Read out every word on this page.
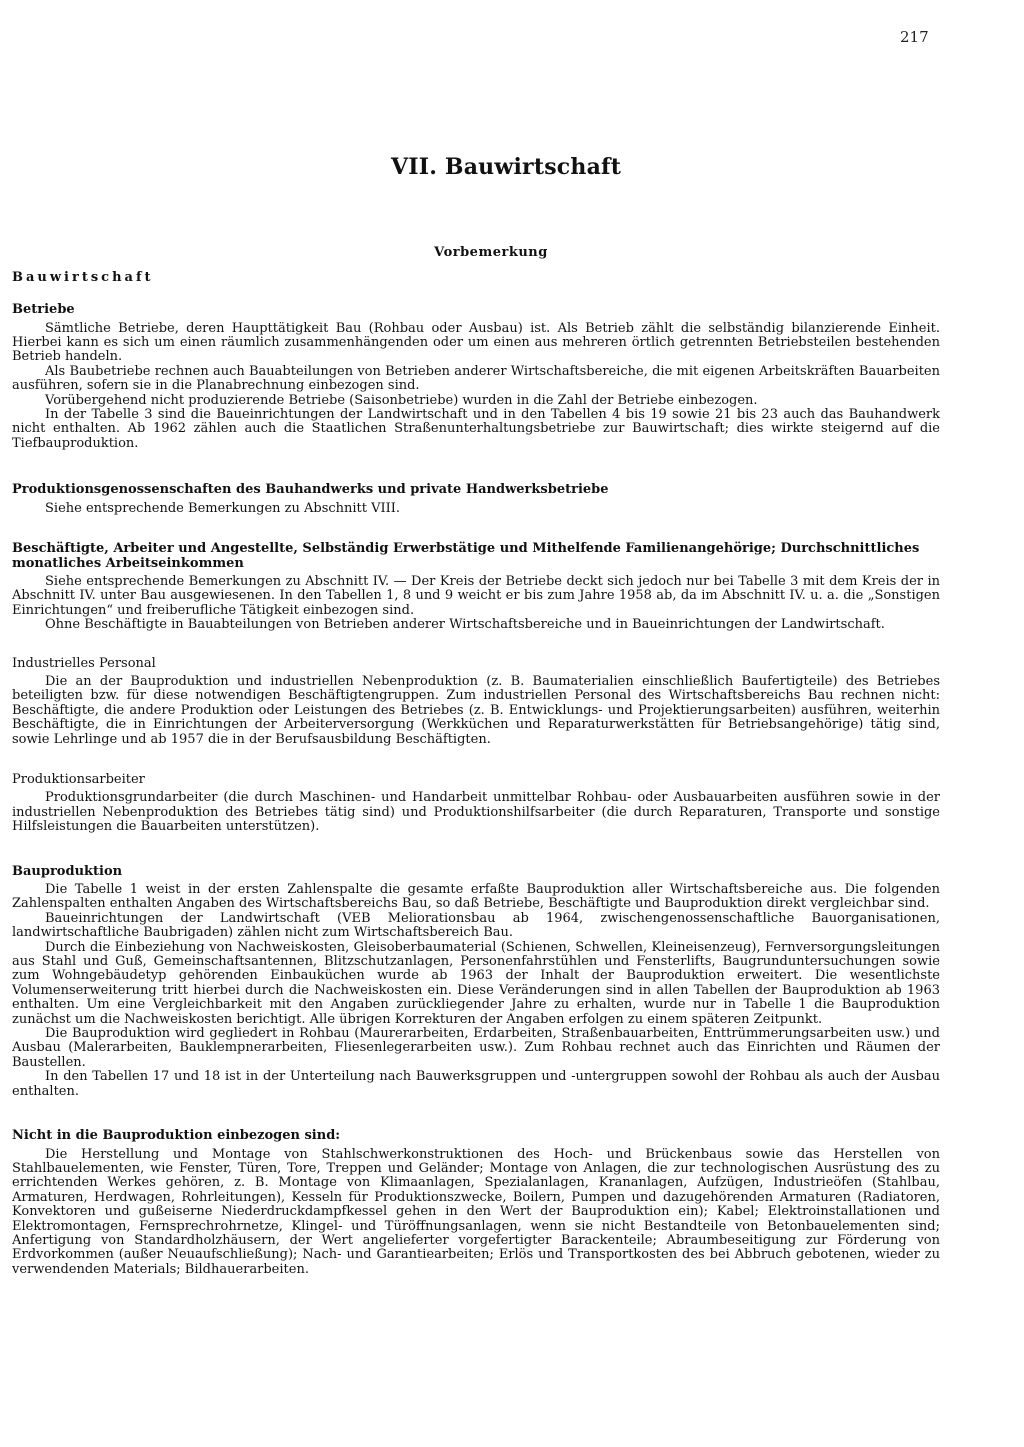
217
VII. Bauwirtschaft
Vorbemerkung
Bauwirtschaft
Betriebe

Sämtliche Betriebe, deren Haupttätigkeit Bau (Rohbau oder Ausbau) ist. Als Betrieb zählt die selbständig bilanzierende Einheit. Hierbei kann es sich um einen räumlich zusammenhängenden oder um einen aus mehreren örtlich getrennten Betriebsteilen bestehenden Betrieb handeln.

Als Baubetriebe rechnen auch Bauabteilungen von Betrieben anderer Wirtschaftsbereiche, die mit eigenen Arbeitskräften Bauarbeiten ausführen, sofern sie in die Planabrechnung einbezogen sind.

Vorübergehend nicht produzierende Betriebe (Saisonbetriebe) wurden in die Zahl der Betriebe einbezogen.

In der Tabelle 3 sind die Baueinrichtungen der Landwirtschaft und in den Tabellen 4 bis 19 sowie 21 bis 23 auch das Bauhandwerk nicht enthalten. Ab 1962 zählen auch die Staatlichen Straßenunterhaltungsbetriebe zur Bauwirtschaft; dies wirkte steigernd auf die Tiefbauproduktion.

Produktionsgenossenschaften des Bauhandwerks und private Handwerksbetriebe

Siehe entsprechende Bemerkungen zu Abschnitt VIII.

Beschäftigte, Arbeiter und Angestellte, Selbständig Erwerbstätige und Mithelfende Familienangehörige; Durchschnittliches monatliches Arbeitseinkommen

Siehe entsprechende Bemerkungen zu Abschnitt IV. — Der Kreis der Betriebe deckt sich jedoch nur bei Tabelle 3 mit dem Kreis der in Abschnitt IV. unter Bau ausgewiesenen. In den Tabellen 1, 8 und 9 weicht er bis zum Jahre 1958 ab, da im Abschnitt IV. u. a. die „Sonstigen Einrichtungen“ und freiberufliche Tätigkeit einbezogen sind.

Ohne Beschäftigte in Bauabteilungen von Betrieben anderer Wirtschaftsbereiche und in Baueinrichtungen der Landwirtschaft.

Industrielles Personal

Die an der Bauproduktion und industriellen Nebenproduktion (z. B. Baumaterialien einschließlich Baufertigteile) des Betriebes beteiligten bzw. für diese notwendigen Beschäftigtengruppen. Zum industriellen Personal des Wirtschaftsbereichs Bau rechnen nicht: Beschäftigte, die andere Produktion oder Leistungen des Betriebes (z. B. Entwicklungs- und Projektierungsarbeiten) ausführen, weiterhin Beschäftigte, die in Einrichtungen der Arbeiterversorgung (Werkküchen und Reparaturwerkstätten für Betriebsangehörige) tätig sind, sowie Lehrlinge und ab 1957 die in der Berufsausbildung Beschäftigten.

Produktionsarbeiter

Produktionsgrundarbeiter (die durch Maschinen- und Handarbeit unmittelbar Rohbau- oder Ausbauarbeiten ausführen sowie in der industriellen Nebenproduktion des Betriebes tätig sind) und Produktionshilfsarbeiter (die durch Reparaturen, Transporte und sonstige Hilfsleistungen die Bauarbeiten unterstützen).

Bauproduktion

Die Tabelle 1 weist in der ersten Zahlenspalte die gesamte erfaßte Bauproduktion aller Wirtschaftsbereiche aus. Die folgenden Zahlenspalten enthalten Angaben des Wirtschaftsbereichs Bau, so daß Betriebe, Beschäftigte und Bauproduktion direkt vergleichbar sind.

Baueinrichtungen der Landwirtschaft (VEB Meliorationsbau ab 1964, zwischengenossenschaftliche Bauorganisationen, landwirtschaftliche Baubrigaden) zählen nicht zum Wirtschaftsbereich Bau.

Durch die Einbeziehung von Nachweiskosten, Gleisoberbaumaterial (Schienen, Schwellen, Kleineisenzeug), Fernversorgungsleitungen aus Stahl und Guß, Gemeinschaftsantennen, Blitzschutzanlagen, Personenfahrstühlen und Fensterlifts, Baugrunduntersuchungen sowie zum Wohngebäudetyp gehörenden Einbauküchen wurde ab 1963 der Inhalt der Bauproduktion erweitert. Die wesentlichste Volumenserweiterung tritt hierbei durch die Nachweiskosten ein. Diese Veränderungen sind in allen Tabellen der Bauproduktion ab 1963 enthalten. Um eine Vergleichbarkeit mit den Angaben zurückliegender Jahre zu erhalten, wurde nur in Tabelle 1 die Bauproduktion zunächst um die Nachweiskosten berichtigt. Alle übrigen Korrekturen der Angaben erfolgen zu einem späteren Zeitpunkt.

Die Bauproduktion wird gegliedert in Rohbau (Maurerarbeiten, Erdarbeiten, Straßenbauarbeiten, Enttrümmerungsarbeiten usw.) und Ausbau (Malerarbeiten, Bauklempnerarbeiten, Fliesenlegerarbeiten usw.). Zum Rohbau rechnet auch das Einrichten und Räumen der Baustellen.

In den Tabellen 17 und 18 ist in der Unterteilung nach Bauwerksgruppen und -untergruppen sowohl der Rohbau als auch der Ausbau enthalten.

Nicht in die Bauproduktion einbezogen sind:

Die Herstellung und Montage von Stahlschwerkonstruktionen des Hoch- und Brückenbaus sowie das Herstellen von Stahlbauelementen, wie Fenster, Türen, Tore, Treppen und Geländer; Montage von Anlagen, die zur technologischen Ausrüstung des zu errichtenden Werkes gehören, z. B. Montage von Klimaanlagen, Spezialanlagen, Krananlagen, Aufzügen, Industrieöfen (Stahlbau, Armaturen, Herdwagen, Rohrleitungen), Kesseln für Produktionszwecke, Boilern, Pumpen und dazugehörenden Armaturen (Radiatoren, Konvektoren und gußeiserne Niederdruckdampfkessel gehen in den Wert der Bauproduktion ein); Kabel; Elektroinstallationen und Elektromontagen, Fernsprechrohrnetze, Klingel- und Türöffnungsanlagen, wenn sie nicht Bestandteile von Betonbauelementen sind; Anfertigung von Standardholzhäusern, der Wert angelieferter vorgefertigter Barackenteile; Abraumbeseitigung zur Förderung von Erdvorkommen (außer Neuaufschließung); Nach- und Garantiearbeiten; Erlös und Transportkosten des bei Abbruch gebotenen, wieder zu verwendenden Materials; Bildhauerarbeiten.
